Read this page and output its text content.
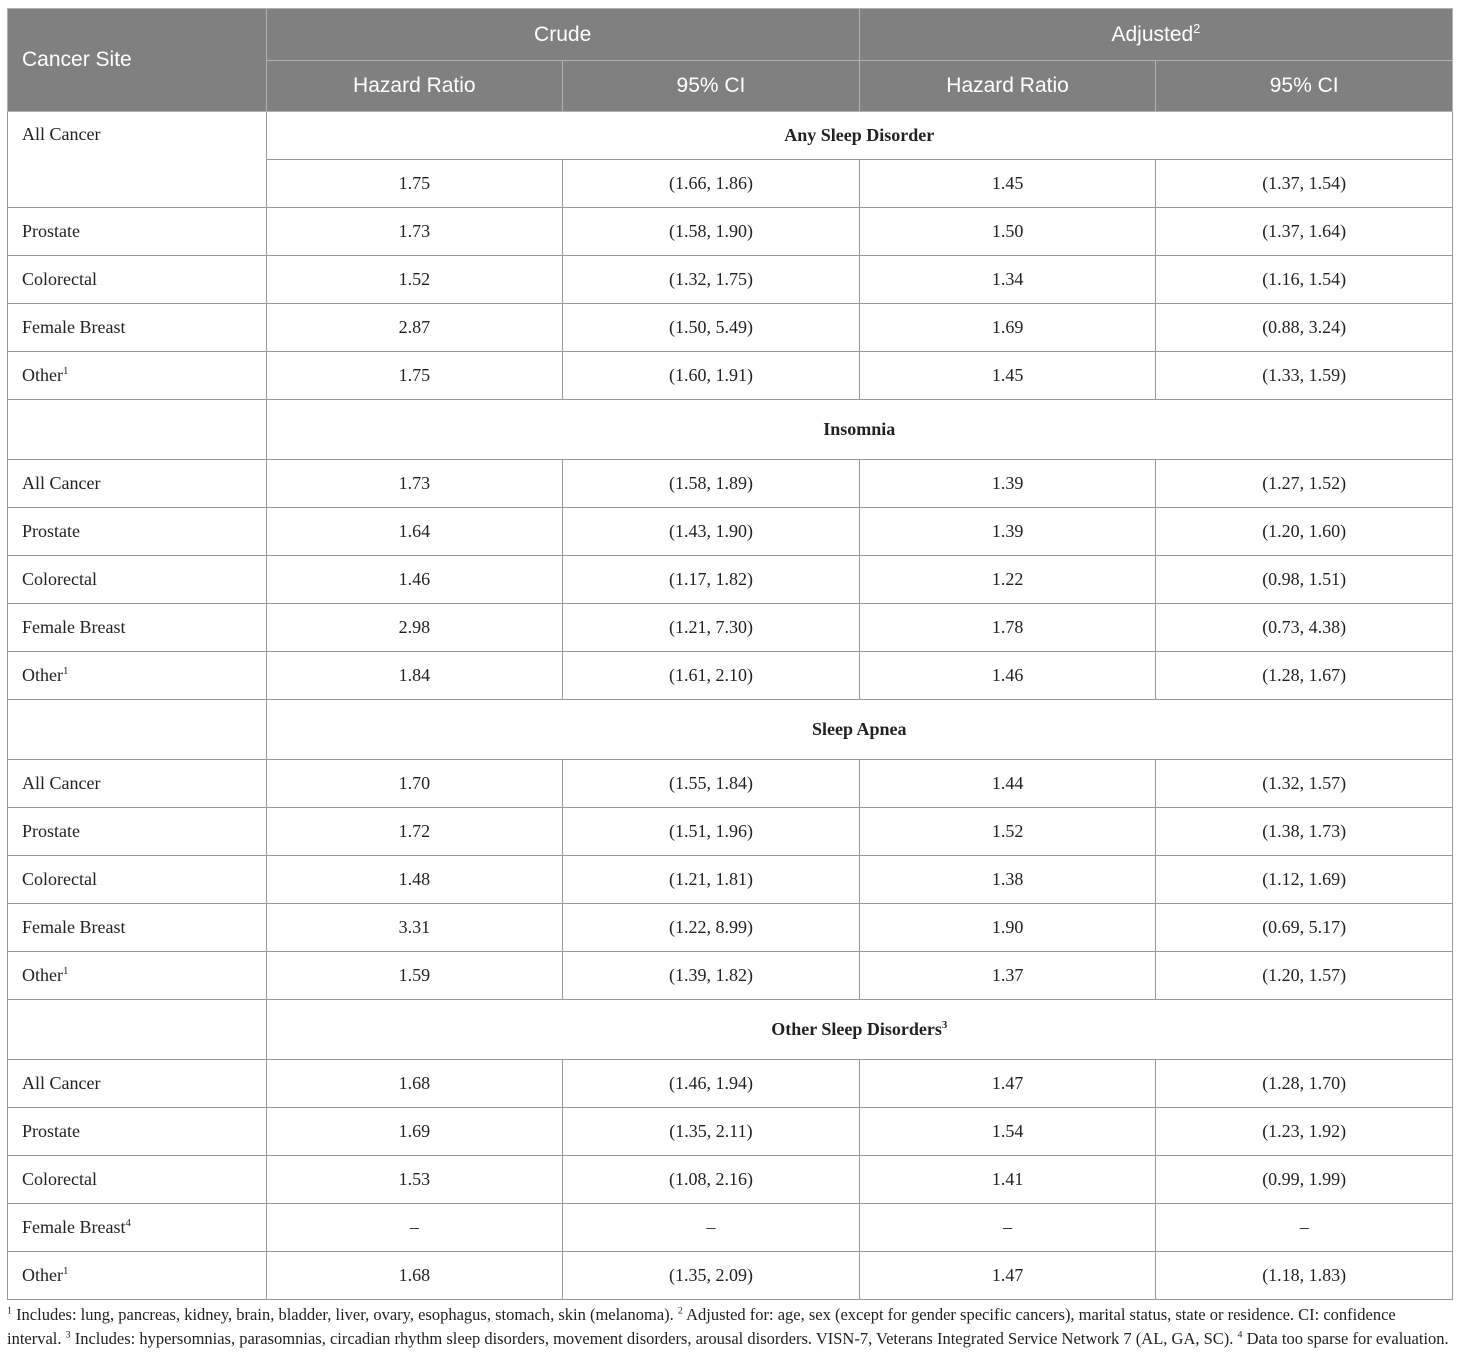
Cancer Site	Crude		Adjusted$^2$
	Hazard Ratio	95% CI	Hazard Ratio	95% CI
All Cancer	Any Sleep Disorder			
	1.75	(1.66, 1.86)	1.45	(1.37, 1.54)
Prostate	1.73	(1.58, 1.90)	1.50	(1.37, 1.64)
Colorectal	1.52	(1.32, 1.75)	1.34	(1.16, 1.54)
Female Breast	2.87	(1.50, 5.49)	1.69	(0.88, 3.24)
Other$^1$	1.75	(1.60, 1.91)	1.45	(1.33, 1.59)
	Insomnia			
All Cancer	1.73	(1.58, 1.89)	1.39	(1.27, 1.52)
Prostate	1.64	(1.43, 1.90)	1.39	(1.20, 1.60)
Colorectal	1.46	(1.17, 1.82)	1.22	(0.98, 1.51)
Female Breast	2.98	(1.21, 7.30)	1.78	(0.73, 4.38)
Other$^1$	1.84	(1.61, 2.10)	1.46	(1.28, 1.67)
	Sleep Apnea			
All Cancer	1.70	(1.55, 1.84)	1.44	(1.32, 1.57)
Prostate	1.72	(1.51, 1.96)	1.52	(1.38, 1.73)
Colorectal	1.48	(1.21, 1.81)	1.38	(1.12, 1.69)
Female Breast	3.31	(1.22, 8.99)	1.90	(0.69, 5.17)
Other$^1$	1.59	(1.39, 1.82)	1.37	(1.20, 1.57)
	Other Sleep Disorders$^3$
All Cancer	1.68	(1.46, 1.94)	1.47	(1.28, 1.70)
Prostate	1.69	(1.35, 2.11)	1.54	(1.23, 1.92)
Colorectal	1.53	(1.08, 2.16)	1.41	(0.99, 1.99)
Female Breast$^4$	–	–	–	–
Other$^1$	1.68	(1.35, 2.09)	1.47	(1.18, 1.83)
$^1$ Includes: lung, pancreas, kidney, brain, bladder, liver, ovary, esophagus, stomach, skin (melanoma). $^2$ Adjusted for: age, sex (except for gender specific cancers), marital status, state or residence. CI: confidence interval. $^3$ Includes: hypersomnias, parasomnias, circadian rhythm sleep disorders, movement disorders, arousal disorders. VISN-7, Veterans Integrated Service Network 7 (AL, GA, SC). $^4$ Data too sparse for evaluation.
